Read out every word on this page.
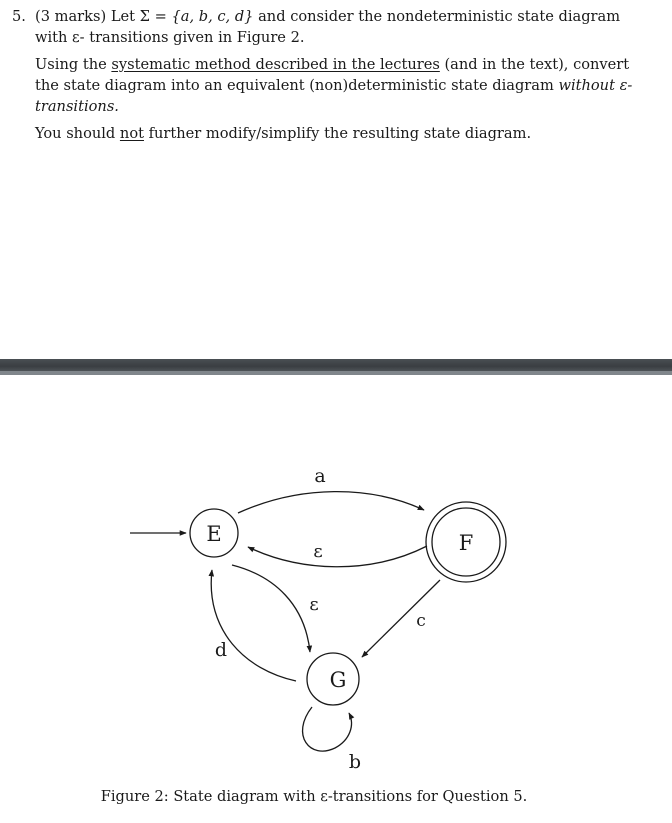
5. (3 marks) Let Σ = {a, b, c, d} and consider the nondeterministic state diagram with ε- transitions given in Figure 2.

Using the systematic method described in the lectures (and in the text), convert the state diagram into an equivalent (non)deterministic state diagram without ε-transitions.

You should not further modify/simplify the resulting state diagram.

E	F
G
a
ε
ε
c
d
b
Figure 2: State diagram with ε-transitions for Question 5.
